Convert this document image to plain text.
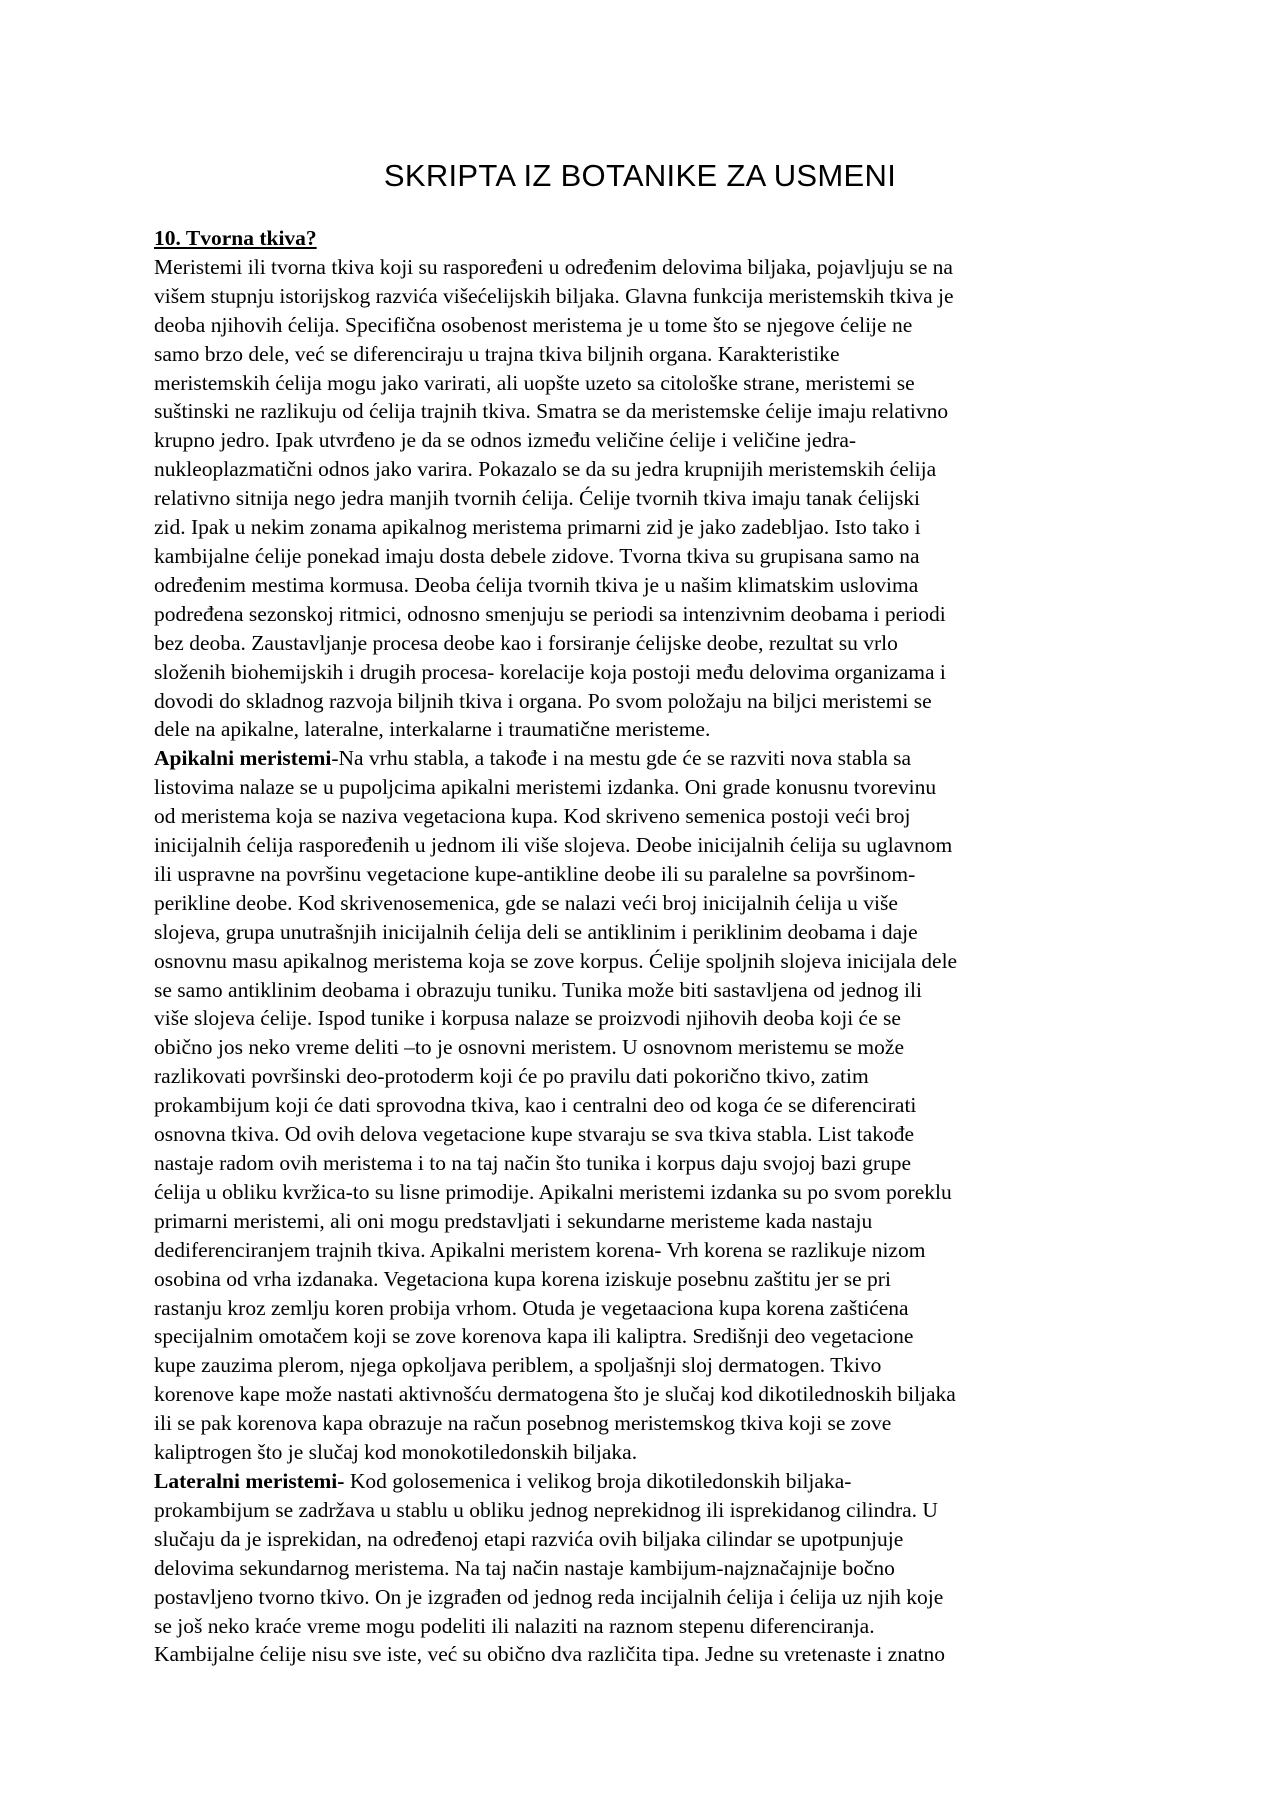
SKRIPTA IZ BOTANIKE ZA USMENI
10. Tvorna tkiva?

Meristemi ili tvorna tkiva koji su raspoređeni u određenim delovima biljaka, pojavljuju se na
višem stupnju istorijskog razvića višećelijskih biljaka. Glavna funkcija meristemskih tkiva je
deoba njihovih ćelija. Specifična osobenost meristema je u tome što se njegove ćelije ne
samo brzo dele, već se diferenciraju u trajna tkiva biljnih organa. Karakteristike
meristemskih ćelija mogu jako varirati, ali uopšte uzeto sa citološke strane, meristemi se
suštinski ne razlikuju od ćelija trajnih tkiva. Smatra se da meristemske ćelije imaju relativno
krupno jedro. Ipak utvrđeno je da se odnos između veličine ćelije i veličine jedra-
nukleoplazmatični odnos jako varira. Pokazalo se da su jedra krupnijih meristemskih ćelija
relativno sitnija nego jedra manjih tvornih ćelija. Ćelije tvornih tkiva imaju tanak ćelijski
zid. Ipak u nekim zonama apikalnog meristema primarni zid je jako zadebljao. Isto tako i
kambijalne ćelije ponekad imaju dosta debele zidove. Tvorna tkiva su grupisana samo na
određenim mestima kormusa. Deoba ćelija tvornih tkiva je u našim klimatskim uslovima
podređena sezonskoj ritmici, odnosno smenjuju se periodi sa intenzivnim deobama i periodi
bez deoba. Zaustavljanje procesa deobe kao i forsiranje ćelijske deobe, rezultat su vrlo
složenih biohemijskih i drugih procesa- korelacije koja postoji među delovima organizama i
dovodi do skladnog razvoja biljnih tkiva i organa. Po svom položaju na biljci meristemi se
dele na apikalne, lateralne, interkalarne i traumatične meristeme.

Apikalni meristemi-Na vrhu stabla, a takođe i na mestu gde će se razviti nova stabla sa
listovima nalaze se u pupoljcima apikalni meristemi izdanka. Oni grade konusnu tvorevinu
od meristema koja se naziva vegetaciona kupa. Kod skriveno semenica postoji veći broj
inicijalnih ćelija raspoređenih u jednom ili više slojeva. Deobe inicijalnih ćelija su uglavnom
ili uspravne na površinu vegetacione kupe-antikline deobe ili su paralelne sa površinom-
perikline deobe. Kod skrivenosemenica, gde se nalazi veći broj inicijalnih ćelija u više
slojeva, grupa unutrašnjih inicijalnih ćelija deli se antiklinim i periklinim deobama i daje
osnovnu masu apikalnog meristema koja se zove korpus. Ćelije spoljnih slojeva inicijala dele
se samo antiklinim deobama i obrazuju tuniku. Tunika može biti sastavljena od jednog ili
više slojeva ćelije. Ispod tunike i korpusa nalaze se proizvodi njihovih deoba koji će se
obično jos neko vreme deliti –to je osnovni meristem. U osnovnom meristemu se može
razlikovati površinski deo-protoderm koji će po pravilu dati pokorično tkivo, zatim
prokambijum koji će dati sprovodna tkiva, kao i centralni deo od koga će se diferencirati
osnovna tkiva. Od ovih delova vegetacione kupe stvaraju se sva tkiva stabla. List takođe
nastaje radom ovih meristema i to na taj način što tunika i korpus daju svojoj bazi grupe
ćelija u obliku kvržica-to su lisne primodije. Apikalni meristemi izdanka su po svom poreklu
primarni meristemi, ali oni mogu predstavljati i sekundarne meristeme kada nastaju
dediferenciranjem trajnih tkiva. Apikalni meristem korena- Vrh korena se razlikuje nizom
osobina od vrha izdanaka. Vegetaciona kupa korena iziskuje posebnu zaštitu jer se pri
rastanju kroz zemlju koren probija vrhom. Otuda je vegetaaciona kupa korena zaštićena
specijalnim omotačem koji se zove korenova kapa ili kaliptra. Središnji deo vegetacione
kupe zauzima plerom, njega opkoljava periblem, a spoljašnji sloj dermatogen. Tkivo
korenove kape može nastati aktivnošću dermatogena što je slučaj kod dikotilednoskih biljaka
ili se pak korenova kapa obrazuje na račun posebnog meristemskog tkiva koji se zove
kaliptrogen što je slučaj kod monokotiledonskih biljaka.

Lateralni meristemi- Kod golosemenica i velikog broja dikotiledonskih biljaka-
prokambijum se zadržava u stablu u obliku jednog neprekidnog ili isprekidanog cilindra. U
slučaju da je isprekidan, na određenoj etapi razvića ovih biljaka cilindar se upotpunjuje
delovima sekundarnog meristema. Na taj način nastaje kambijum-najznačajnije bočno
postavljeno tvorno tkivo. On je izgrađen od jednog reda incijalnih ćelija i ćelija uz njih koje
se još neko kraće vreme mogu podeliti ili nalaziti na raznom stepenu diferenciranja.
Kambijalne ćelije nisu sve iste, već su obično dva različita tipa. Jedne su vretenaste i znatno
